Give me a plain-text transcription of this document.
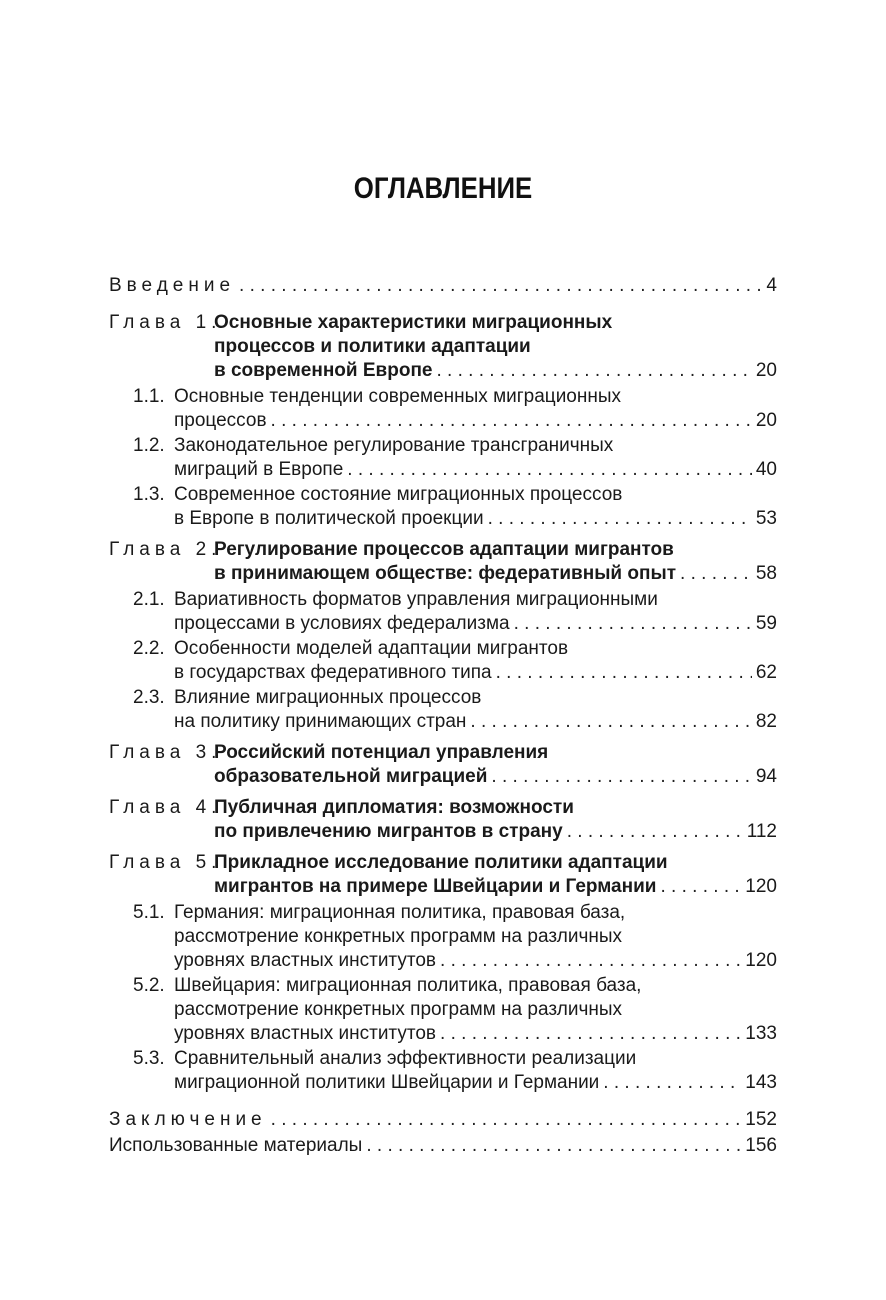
ОГЛАВЛЕНИЕ
Введение . . .	4
Глава 1.
Основные характеристики миграционных
процессов и политики адаптации
в современной Европе . . .	20
1.1. Основные тенденции современных миграционных
процессов . . .	20
1.2. Законодательное регулирование трансграничных
миграций в Европе . . .	40
1.3. Современное состояние миграционных процессов
в Европе в политической проекции . . .	53
Глава 2.
Регулирование процессов адаптации мигрантов
в принимающем обществе: федеративный опыт . . .	58
2.1. Вариативность форматов управления миграционными
процессами в условиях федерализма . . .	59
2.2. Особенности моделей адаптации мигрантов
в государствах федеративного типа . . .	62
2.3. Влияние миграционных процессов
на политику принимающих стран . . .	82
Глава 3.
Российский потенциал управления
образовательной миграцией . . .	94
Глава 4.
Публичная дипломатия: возможности
по привлечению мигрантов в страну . . .	112
Глава 5.
Прикладное исследование политики адаптации
мигрантов на примере Швейцарии и Германии . . .	120
5.1. Германия: миграционная политика, правовая база,
рассмотрение конкретных программ на различных
уровнях властных институтов . . .	120
5.2. Швейцария: миграционная политика, правовая база,
рассмотрение конкретных программ на различных
уровнях властных институтов . . .	133
5.3. Сравнительный анализ эффективности реализации
миграционной политики Швейцарии и Германии . . .	143
Заключение . . .	152
Использованные материалы . . .	156
